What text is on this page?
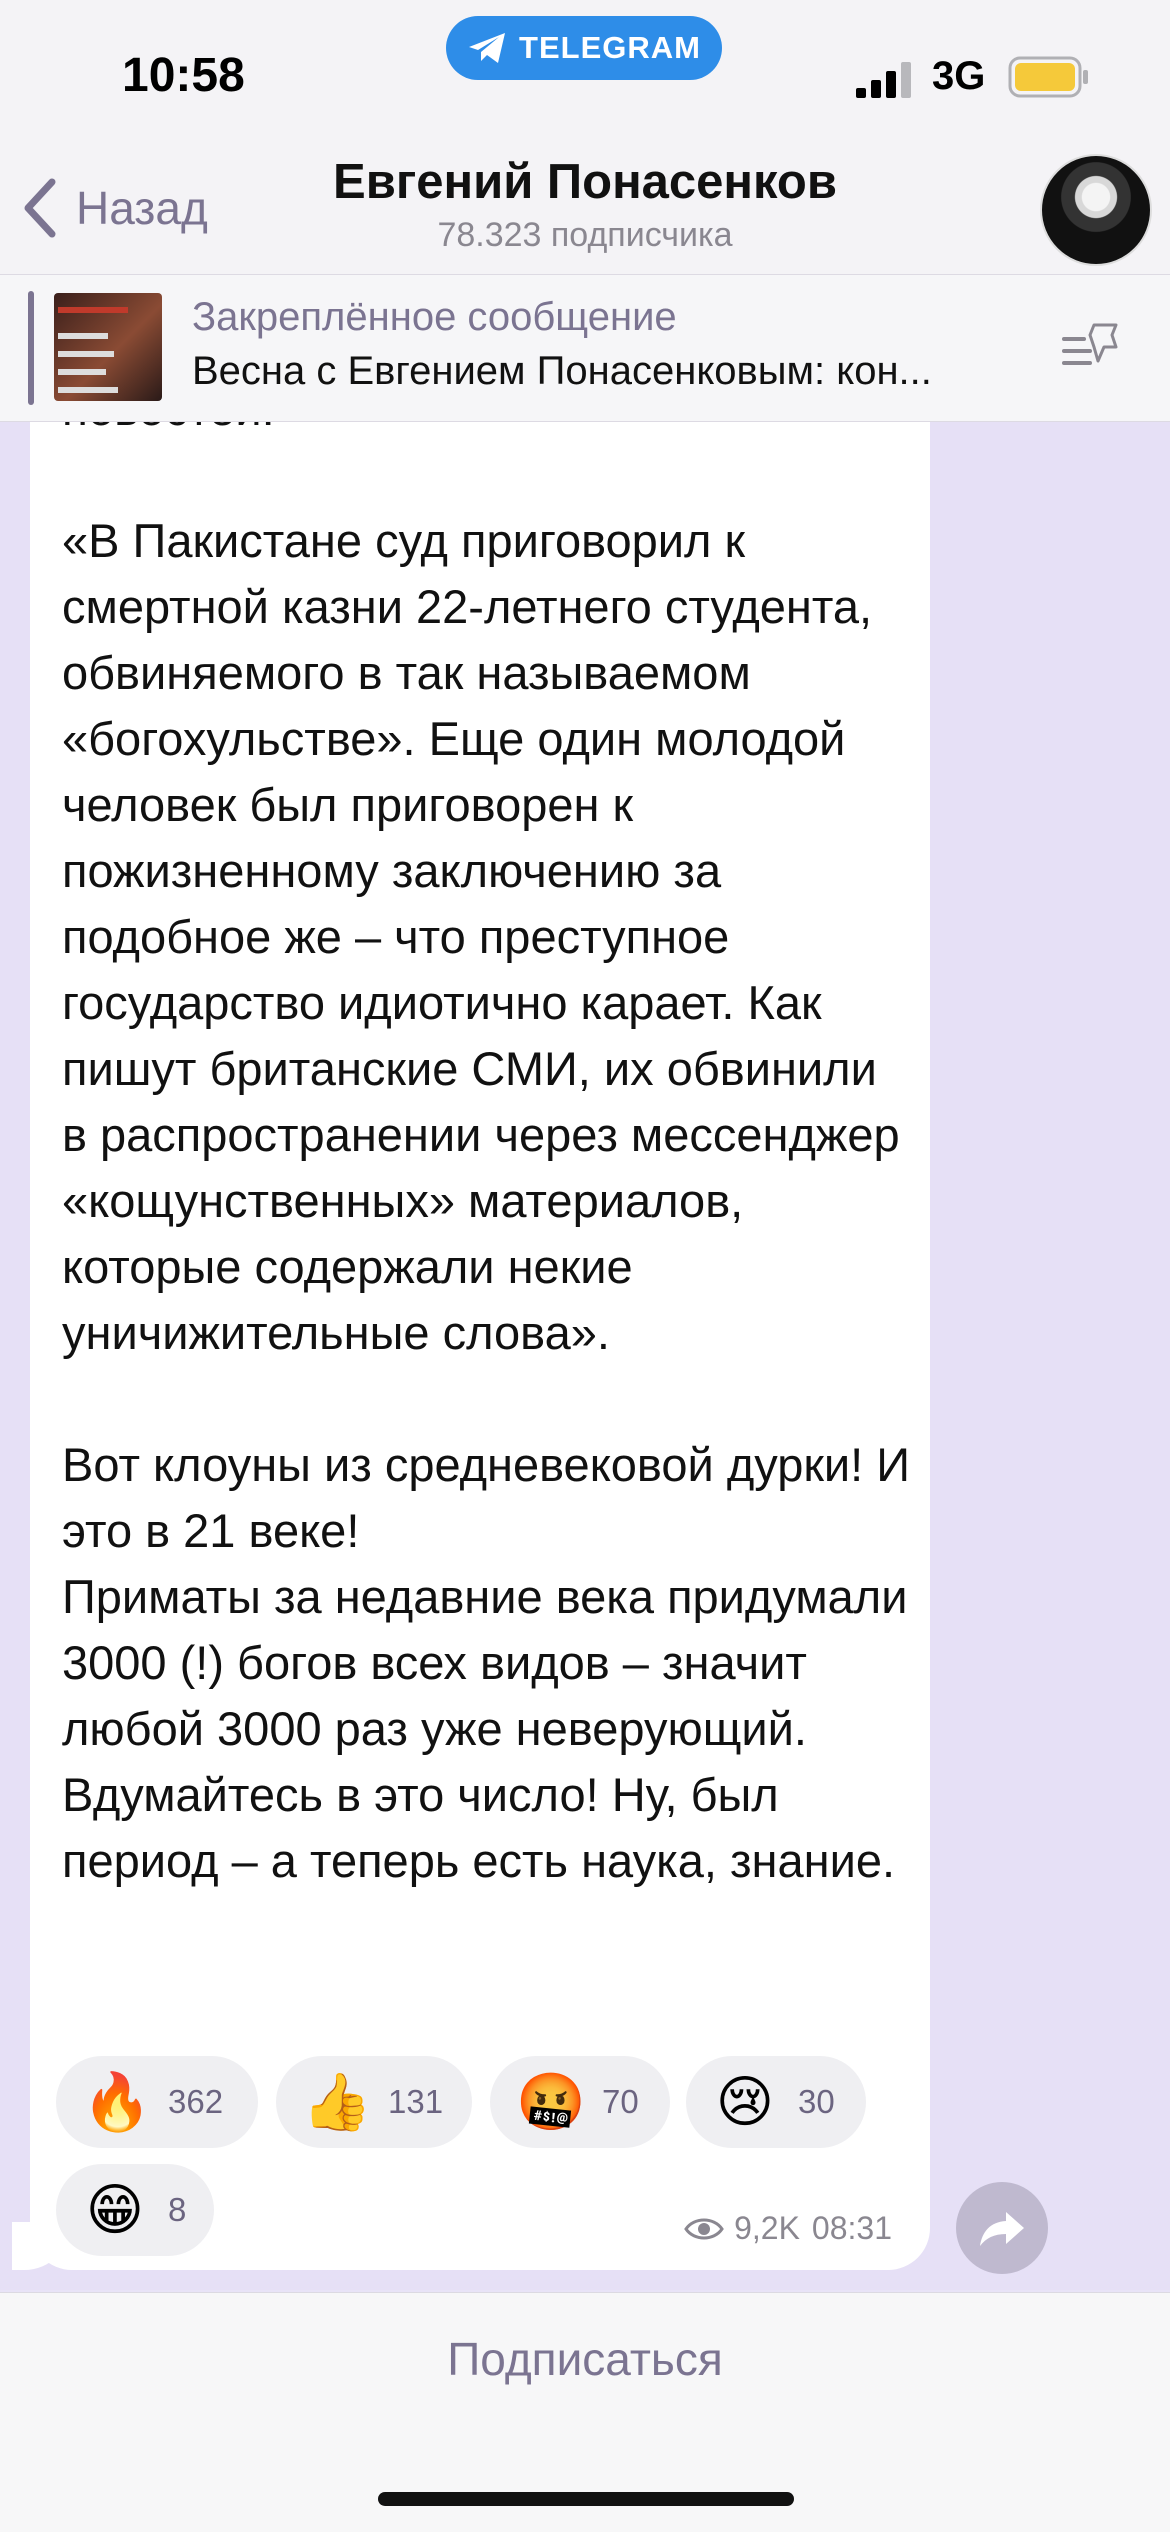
«В Пакистане суд приговорил к смертной казни 22-летнего студента, обвиняемого в так называемом «богохульстве». Еще один молодой человек был приговорен к пожизненному заключению за подобное же – что преступное государство идиотично карает. Как пишут британские СМИ, их обвинили в распространении через мессенджер «кощунственных» материалов, которые содержали некие уничижительные слова».

Вот клоуны из средневековой дурки! И это в 21 веке!

Приматы за недавние века придумали 3000 (!) богов всех видов – значит любой 3000 раз уже неверующий. Вдумайтесь в это число! Ну, был период – а теперь есть наука, знание.

🔥 362 👍 131 🤬 70 😢 30
😁 8	9,2K 08:31
10:58
TELEGRAM
3G
Назад	Евгений Понасенков
78.323 подписчика
Закреплённое сообщение
Весна с Евгением Понасенковым: кон...
Подписаться
